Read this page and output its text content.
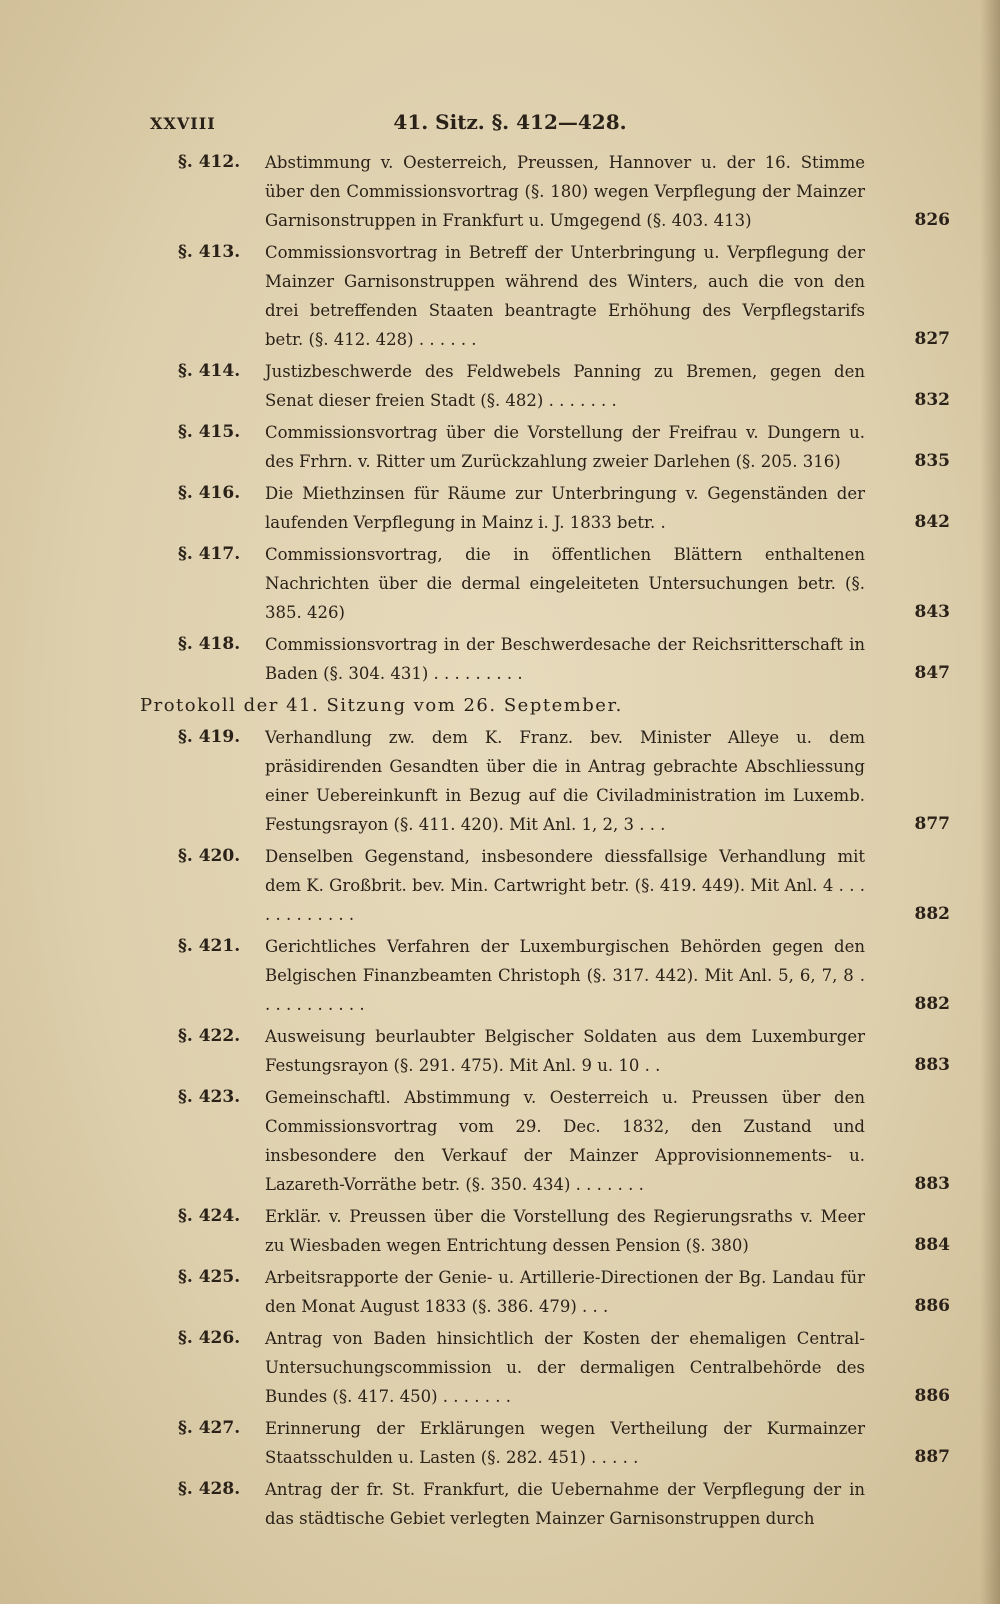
XXVIII	41. Sitz. §. 412—428.
§. 412.	Abstimmung v. Oesterreich, Preussen, Hannover u. der 16. Stimme über den Commissionsvortrag (§. 180) wegen Verpflegung der Mainzer Garnisonstruppen in Frankfurt u. Umgegend (§. 403. 413)	826
§. 413.	Commissionsvortrag in Betreff der Unterbringung u. Verpflegung der Mainzer Garnisonstruppen während des Winters, auch die von den drei betreffenden Staaten beantragte Erhöhung des Verpflegstarifs betr. (§. 412. 428) . . . . . .	827
§. 414.	Justizbeschwerde des Feldwebels Panning zu Bremen, gegen den Senat dieser freien Stadt (§. 482) . . . . . . .	832
§. 415.	Commissionsvortrag über die Vorstellung der Freifrau v. Dungern u. des Frhrn. v. Ritter um Zurückzahlung zweier Darlehen (§. 205. 316)	835
§. 416.	Die Miethzinsen für Räume zur Unterbringung v. Gegenständen der laufenden Verpflegung in Mainz i. J. 1833 betr. .	842
§. 417.	Commissionsvortrag, die in öffentlichen Blättern enthaltenen Nachrichten über die dermal eingeleiteten Untersuchungen betr. (§. 385. 426)	843
§. 418.	Commissionsvortrag in der Beschwerdesache der Reichsritterschaft in Baden (§. 304. 431) . . . . . . . . .	847
Protokoll der 41. Sitzung vom 26. September.
§. 419.	Verhandlung zw. dem K. Franz. bev. Minister Alleye u. dem präsidirenden Gesandten über die in Antrag gebrachte Abschliessung einer Uebereinkunft in Bezug auf die Civiladministration im Luxemb. Festungsrayon (§. 411. 420). Mit Anl. 1, 2, 3 . . .	877
§. 420.	Denselben Gegenstand, insbesondere diessfallsige Verhandlung mit dem K. Großbrit. bev. Min. Cartwright betr. (§. 419. 449). Mit Anl. 4 . . . . . . . . . . . .	882
§. 421.	Gerichtliches Verfahren der Luxemburgischen Behörden gegen den Belgischen Finanzbeamten Christoph (§. 317. 442). Mit Anl. 5, 6, 7, 8 . . . . . . . . . . .	882
§. 422.	Ausweisung beurlaubter Belgischer Soldaten aus dem Luxemburger Festungsrayon (§. 291. 475). Mit Anl. 9 u. 10 . .	883
§. 423.	Gemeinschaftl. Abstimmung v. Oesterreich u. Preussen über den Commissionsvortrag vom 29. Dec. 1832, den Zustand und insbesondere den Verkauf der Mainzer Approvisionnements- u. Lazareth-Vorräthe betr. (§. 350. 434) . . . . . . .	883
§. 424.	Erklär. v. Preussen über die Vorstellung des Regierungsraths v. Meer zu Wiesbaden wegen Entrichtung dessen Pension (§. 380)	884
§. 425.	Arbeitsrapporte der Genie- u. Artillerie-Directionen der Bg. Landau für den Monat August 1833 (§. 386. 479) . . .	886
§. 426.	Antrag von Baden hinsichtlich der Kosten der ehemaligen Central-Untersuchungscommission u. der dermaligen Centralbehörde des Bundes (§. 417. 450) . . . . . . .	886
§. 427.	Erinnerung der Erklärungen wegen Vertheilung der Kurmainzer Staatsschulden u. Lasten (§. 282. 451) . . . . .	887
§. 428.	Antrag der fr. St. Frankfurt, die Uebernahme der Verpflegung der in das städtische Gebiet verlegten Mainzer Garnisonstruppen durch
